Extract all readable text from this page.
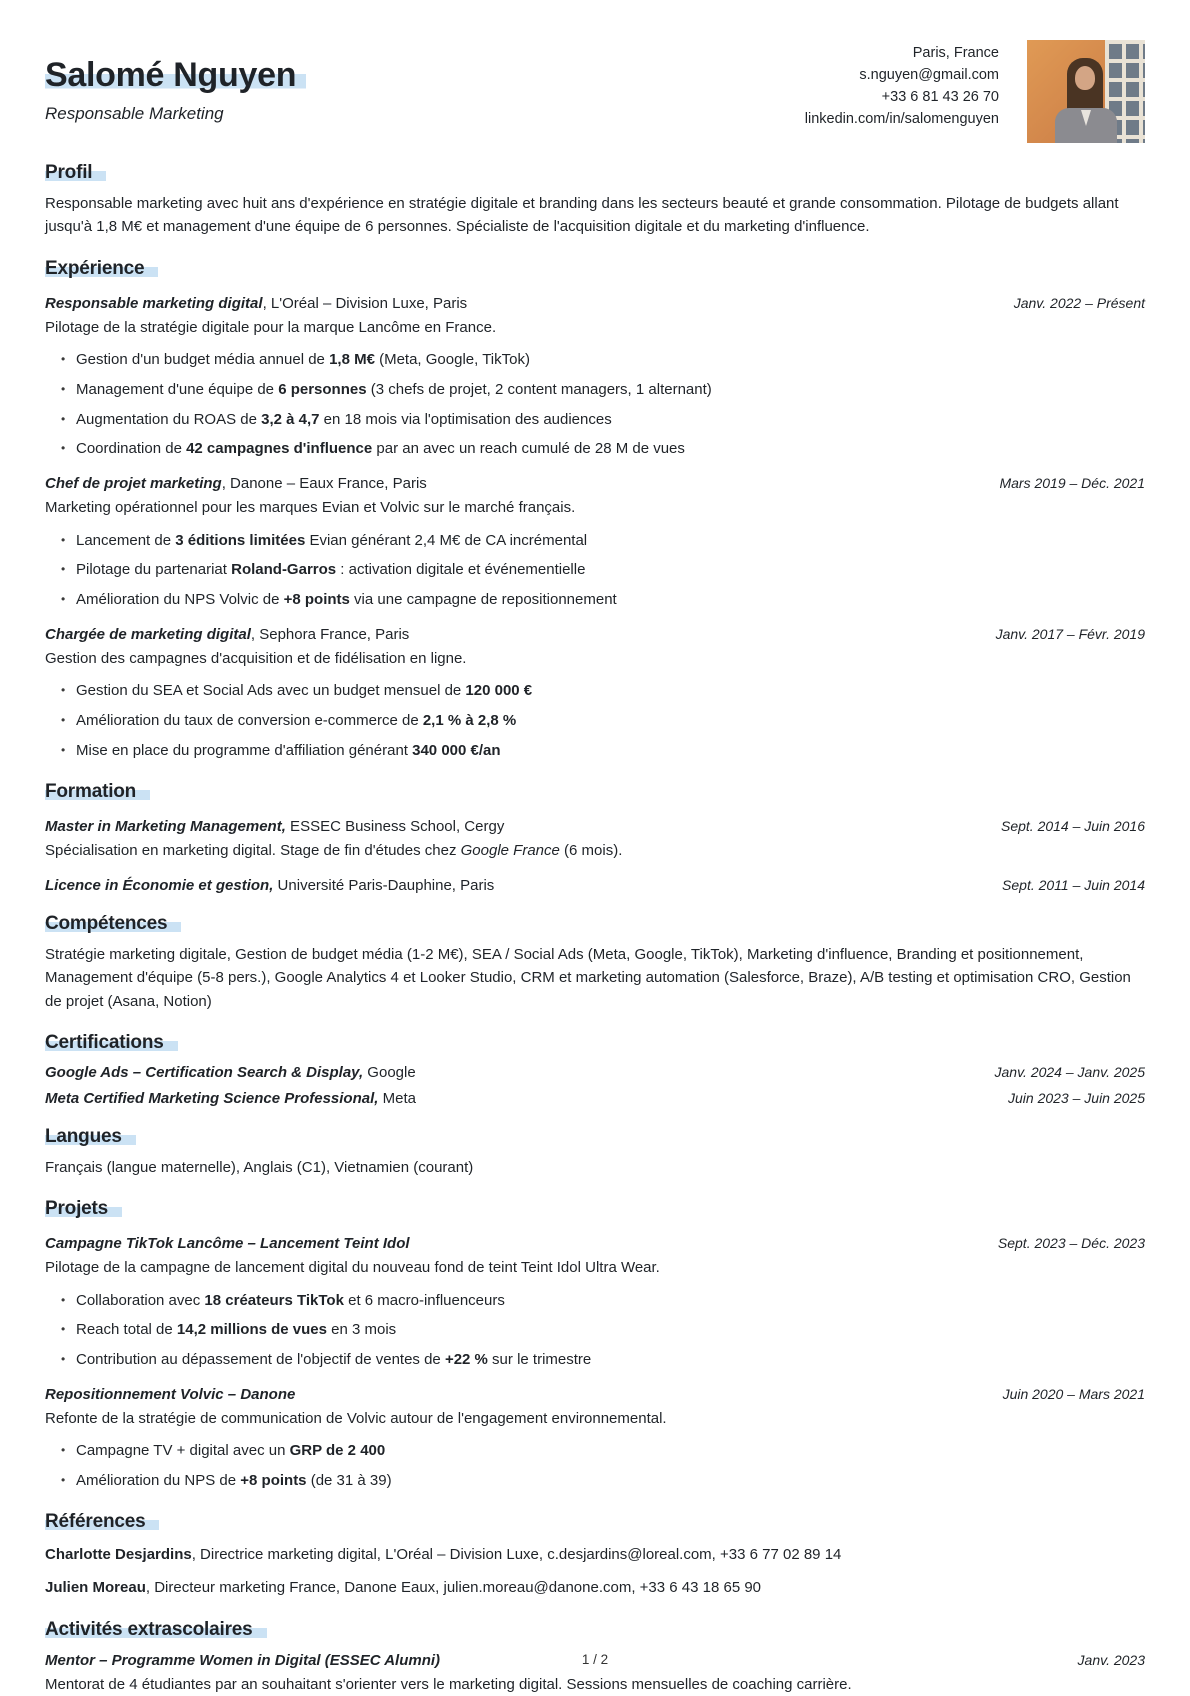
Salomé Nguyen
Responsable Marketing
Paris, France
s.nguyen@gmail.com
+33 6 81 43 26 70
linkedin.com/in/salomenguyen
Profil

Responsable marketing avec huit ans d'expérience en stratégie digitale et branding dans les secteurs beauté et grande consommation. Pilotage de budgets allant jusqu'à 1,8 M€ et management d'une équipe de 6 personnes. Spécialiste de l'acquisition digitale et du marketing d'influence.

Expérience
Responsable marketing digital, L'Oréal – Division Luxe, Paris	Janv. 2022 – Présent
Pilotage de la stratégie digitale pour la marque Lancôme en France.
• Gestion d'un budget média annuel de 1,8 M€ (Meta, Google, TikTok)
• Management d'une équipe de 6 personnes (3 chefs de projet, 2 content managers, 1 alternant)
• Augmentation du ROAS de 3,2 à 4,7 en 18 mois via l'optimisation des audiences
• Coordination de 42 campagnes d'influence par an avec un reach cumulé de 28 M de vues
Chef de projet marketing, Danone – Eaux France, Paris	Mars 2019 – Déc. 2021
Marketing opérationnel pour les marques Evian et Volvic sur le marché français.
• Lancement de 3 éditions limitées Evian générant 2,4 M€ de CA incrémental
• Pilotage du partenariat Roland-Garros : activation digitale et événementielle
• Amélioration du NPS Volvic de +8 points via une campagne de repositionnement
Chargée de marketing digital, Sephora France, Paris	Janv. 2017 – Févr. 2019
Gestion des campagnes d'acquisition et de fidélisation en ligne.
• Gestion du SEA et Social Ads avec un budget mensuel de 120 000 €
• Amélioration du taux de conversion e-commerce de 2,1 % à 2,8 %
• Mise en place du programme d'affiliation générant 340 000 €/an
Formation
Master in Marketing Management, ESSEC Business School, Cergy	Sept. 2014 – Juin 2016
Spécialisation en marketing digital. Stage de fin d'études chez Google France (6 mois).
Licence in Économie et gestion, Université Paris-Dauphine, Paris	Sept. 2011 – Juin 2014
Compétences

Stratégie marketing digitale, Gestion de budget média (1-2 M€), SEA / Social Ads (Meta, Google, TikTok), Marketing d'influence, Branding et positionnement, Management d'équipe (5-8 pers.), Google Analytics 4 et Looker Studio, CRM et marketing automation (Salesforce, Braze), A/B testing et optimisation CRO, Gestion de projet (Asana, Notion)

Certifications
Google Ads – Certification Search & Display, Google	Janv. 2024 – Janv. 2025
Meta Certified Marketing Science Professional, Meta	Juin 2023 – Juin 2025
Langues

Français (langue maternelle), Anglais (C1), Vietnamien (courant)

Projets
Campagne TikTok Lancôme – Lancement Teint Idol	Sept. 2023 – Déc. 2023
Pilotage de la campagne de lancement digital du nouveau fond de teint Teint Idol Ultra Wear.
• Collaboration avec 18 créateurs TikTok et 6 macro-influenceurs
• Reach total de 14,2 millions de vues en 3 mois
• Contribution au dépassement de l'objectif de ventes de +22 % sur le trimestre
Repositionnement Volvic – Danone	Juin 2020 – Mars 2021
Refonte de la stratégie de communication de Volvic autour de l'engagement environnemental.
• Campagne TV + digital avec un GRP de 2 400
• Amélioration du NPS de +8 points (de 31 à 39)
Références
Charlotte Desjardins, Directrice marketing digital, L'Oréal – Division Luxe, c.desjardins@loreal.com, +33 6 77 02 89 14
Julien Moreau, Directeur marketing France, Danone Eaux, julien.moreau@danone.com, +33 6 43 18 65 90
Activités extrascolaires
Mentor – Programme Women in Digital (ESSEC Alumni)	Janv. 2023
Mentorat de 4 étudiantes par an souhaitant s'orienter vers le marketing digital. Sessions mensuelles de coaching carrière.
1 / 2
